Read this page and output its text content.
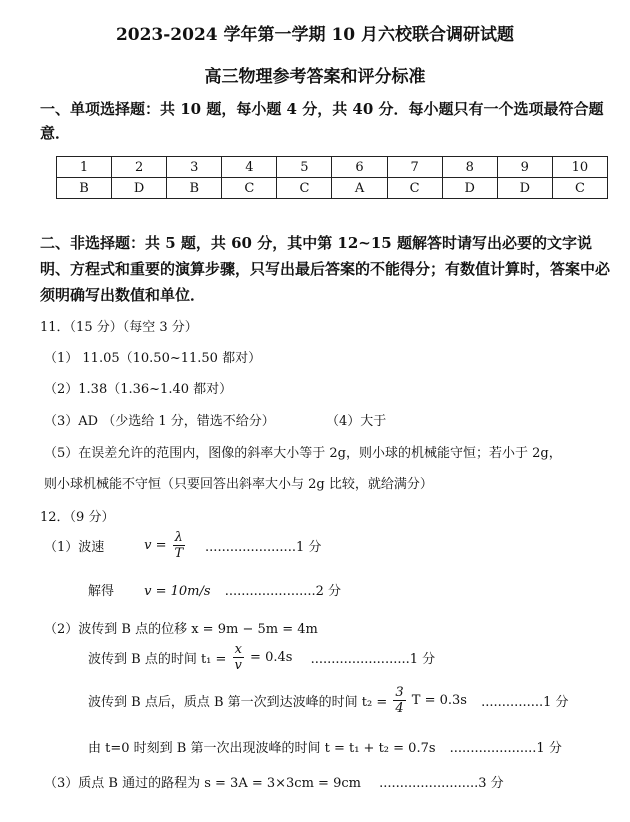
2023-2024 学年第一学期 10 月六校联合调研试题
高三物理参考答案和评分标准
一、单项选择题：共 10 题，每小题 4 分，共 40 分．每小题只有一个选项最符合题意．
1	2	3	4	5	6	7	8	9	10
B	D	B	C	C	A	C	D	D	C
二、非选择题：共 5 题，共 60 分，其中第 12~15 题解答时请写出必要的文字说明、方程式和重要的演算步骤，只写出最后答案的不能得分；有数值计算时，答案中必须明确写出数值和单位．
11．（15 分）（每空 3 分）
（1） 11.05（10.50~11.50 都对）
（2）1.38（1.36~1.40 都对）
（3）AD （少选给 1 分，错选不给分）	（4）大于
（5）在误差允许的范围内，图像的斜率大小等于 2g，则小球的机械能守恒；若小于 2g，
则小球机械能不守恒（只要回答出斜率大小与 2g 比较，就给满分）
12．（9 分）
（1）波速	$v = \frac{\lambda}{T} ......................1$ 分
解得 v = 10m/s ......................2 分
（2）波传到 B 点的位移 x = 9m − 5m = 4m
波传到 B 点的时间 $t_1 = \frac{x}{v} = 0.4s$ ........................1 分
波传到 B 点后，质点 B 第一次到达波峰的时间 $t_2 = \frac{3}{4}$ T = 0.3s ...............1 分
由 t=0 时刻到 B 第一次出现波峰的时间 t = t₁ + t₂ = 0.7s .....................1 分
（3）质点 B 通过的路程为 s = 3A = 3×3cm = 9cm ........................3 分
